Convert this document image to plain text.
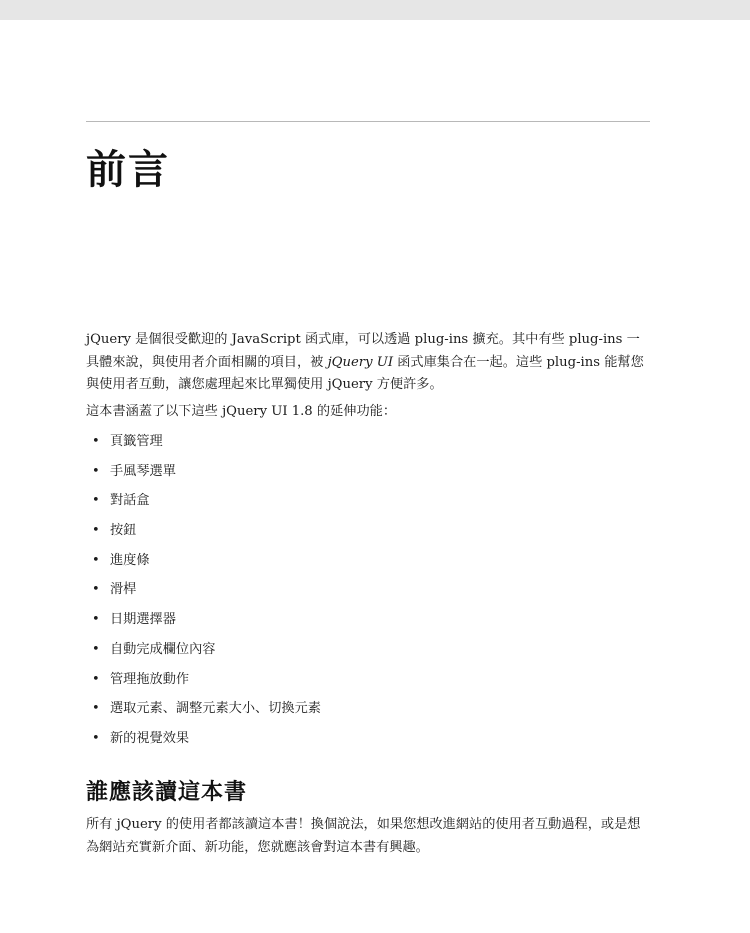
前言

jQuery 是個很受歡迎的 JavaScript 函式庫，可以透過 plug-ins 擴充。其中有些 plug-ins 一具體來說，與使用者介面相關的項目，被 jQuery UI 函式庫集合在一起。這些 plug-ins 能幫您與使用者互動，讓您處理起來比單獨使用 jQuery 方便許多。

這本書涵蓋了以下這些 jQuery UI 1.8 的延伸功能：

• 頁籤管理
• 手風琴選單
• 對話盒
• 按鈕
• 進度條
• 滑桿
• 日期選擇器
• 自動完成欄位內容
• 管理拖放動作
• 選取元素、調整元素大小、切換元素
• 新的視覺效果
誰應該讀這本書

所有 jQuery 的使用者都該讀這本書！換個說法，如果您想改進網站的使用者互動過程，或是想為網站充實新介面、新功能，您就應該會對這本書有興趣。
